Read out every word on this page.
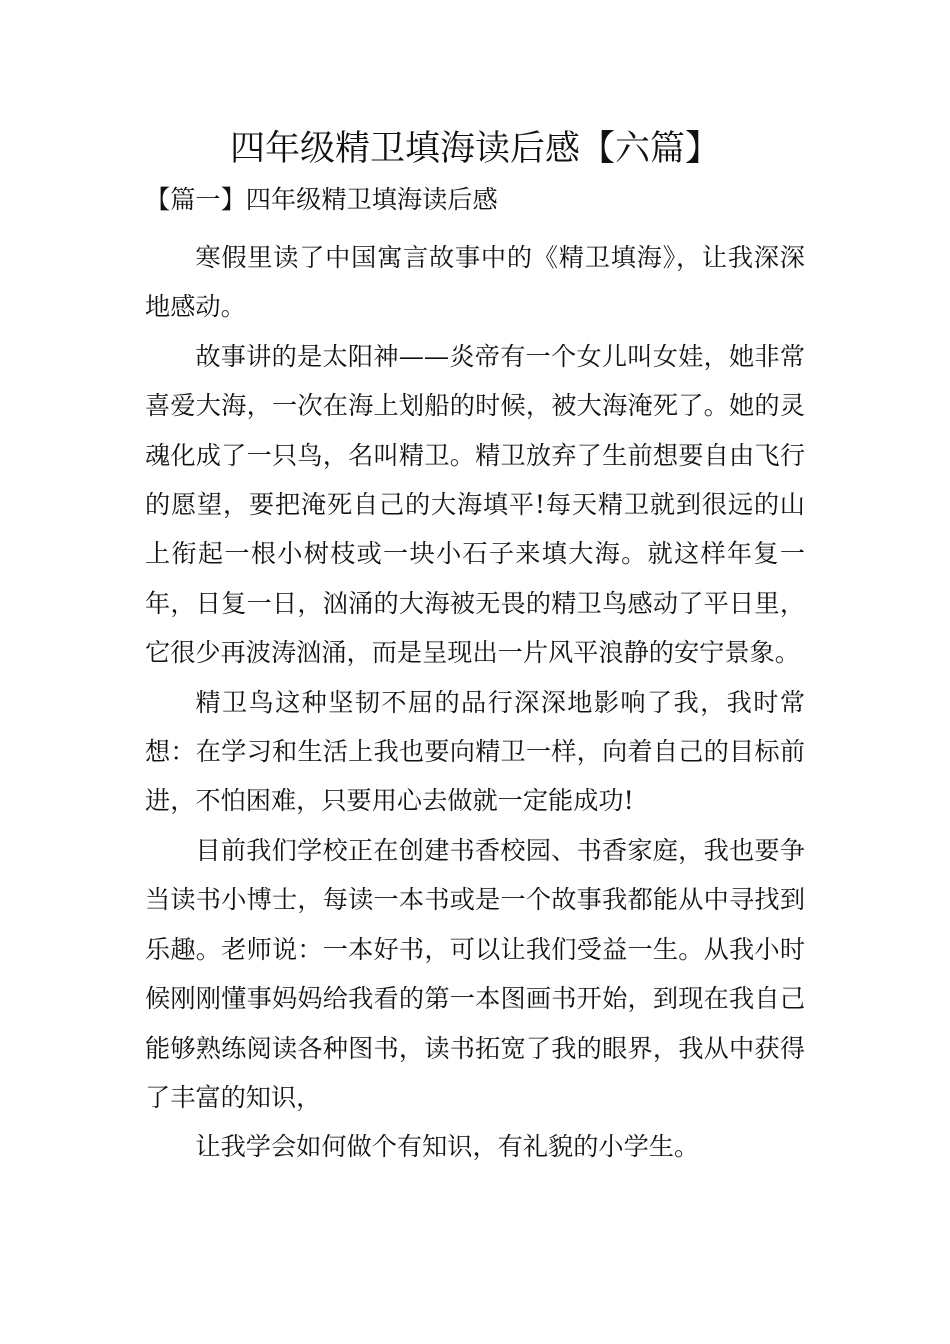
四年级精卫填海读后感【六篇】
【篇一】四年级精卫填海读后感

寒假里读了中国寓言故事中的《精卫填海》，让我深深地感动。

故事讲的是太阳神——炎帝有一个女儿叫女娃，她非常喜爱大海，一次在海上划船的时候，被大海淹死了。她的灵魂化成了一只鸟，名叫精卫。精卫放弃了生前想要自由飞行的愿望，要把淹死自己的大海填平!每天精卫就到很远的山上衔起一根小树枝或一块小石子来填大海。就这样年复一年，日复一日，汹涌的大海被无畏的精卫鸟感动了平日里，它很少再波涛汹涌，而是呈现出一片风平浪静的安宁景象。

精卫鸟这种坚韧不屈的品行深深地影响了我，我时常想：在学习和生活上我也要向精卫一样，向着自己的目标前进，不怕困难，只要用心去做就一定能成功!

目前我们学校正在创建书香校园、书香家庭，我也要争当读书小博士，每读一本书或是一个故事我都能从中寻找到乐趣。老师说：一本好书，可以让我们受益一生。从我小时候刚刚懂事妈妈给我看的第一本图画书开始，到现在我自己能够熟练阅读各种图书，读书拓宽了我的眼界，我从中获得了丰富的知识，

让我学会如何做个有知识，有礼貌的小学生。
